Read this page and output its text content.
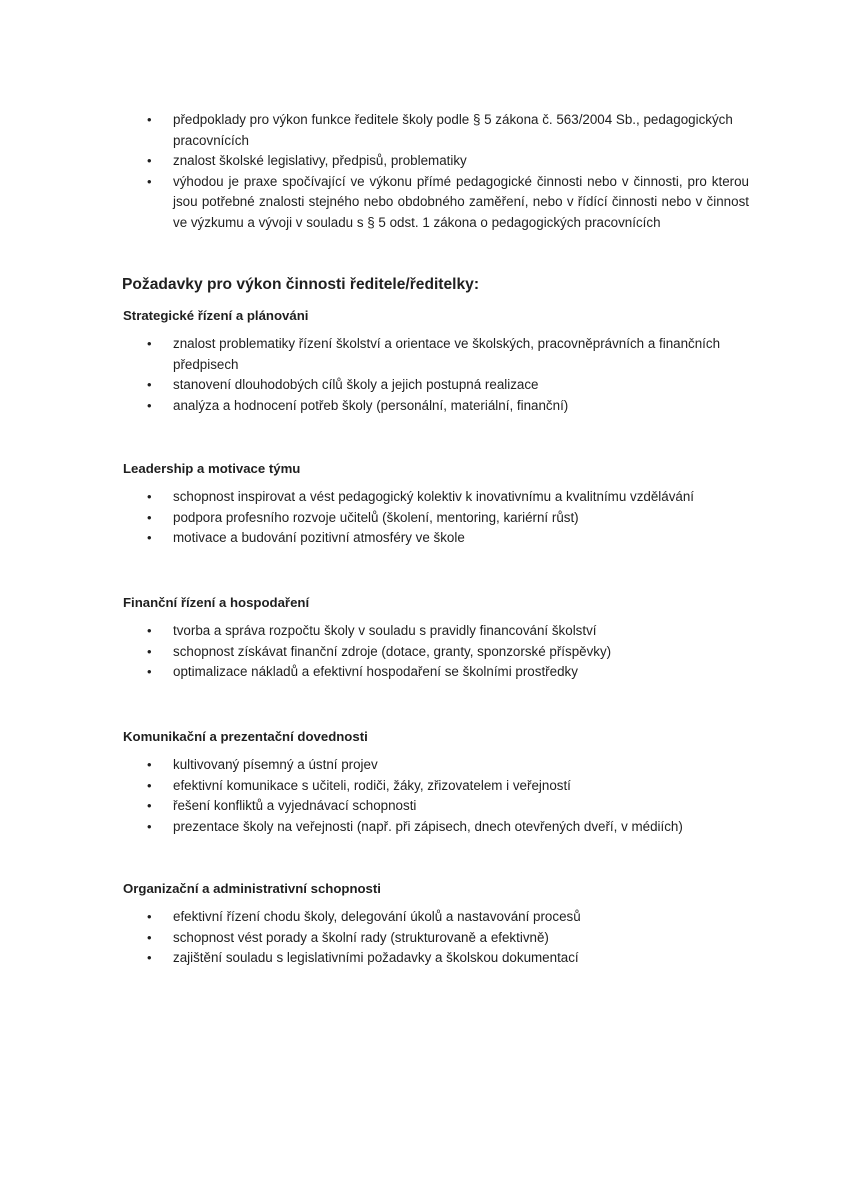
• předpoklady pro výkon funkce ředitele školy podle § 5 zákona č. 563/2004 Sb., pedagogických pracovnících
• znalost školské legislativy, předpisů, problematiky
• výhodou je praxe spočívající ve výkonu přímé pedagogické činnosti nebo v činnosti, pro kterou jsou potřebné znalosti stejného nebo obdobného zaměření, nebo v řídící činnosti nebo v činnost ve výzkumu a vývoji v souladu s § 5 odst. 1 zákona o pedagogických pracovnících
Požadavky pro výkon činnosti ředitele/ředitelky:
Strategické řízení a plánováni
• znalost problematiky řízení školství a orientace ve školských, pracovněprávních a finančních předpisech
• stanovení dlouhodobých cílů školy a jejich postupná realizace
• analýza a hodnocení potřeb školy (personální, materiální, finanční)
Leadership a motivace týmu
• schopnost inspirovat a vést pedagogický kolektiv k inovativnímu a kvalitnímu vzdělávání
• podpora profesního rozvoje učitelů (školení, mentoring, kariérní růst)
• motivace a budování pozitivní atmosféry ve škole
Finanční řízení a hospodaření
• tvorba a správa rozpočtu školy v souladu s pravidly financování školství
• schopnost získávat finanční zdroje (dotace, granty, sponzorské příspěvky)
• optimalizace nákladů a efektivní hospodaření se školními prostředky
Komunikační a prezentační dovednosti
• kultivovaný písemný a ústní projev
• efektivní komunikace s učiteli, rodiči, žáky, zřizovatelem i veřejností
• řešení konfliktů a vyjednávací schopnosti
• prezentace školy na veřejnosti (např. při zápisech, dnech otevřených dveří, v médiích)
Organizační a administrativní schopnosti
• efektivní řízení chodu školy, delegování úkolů a nastavování procesů
• schopnost vést porady a školní rady (strukturovaně a efektivně)
• zajištění souladu s legislativními požadavky a školskou dokumentací
